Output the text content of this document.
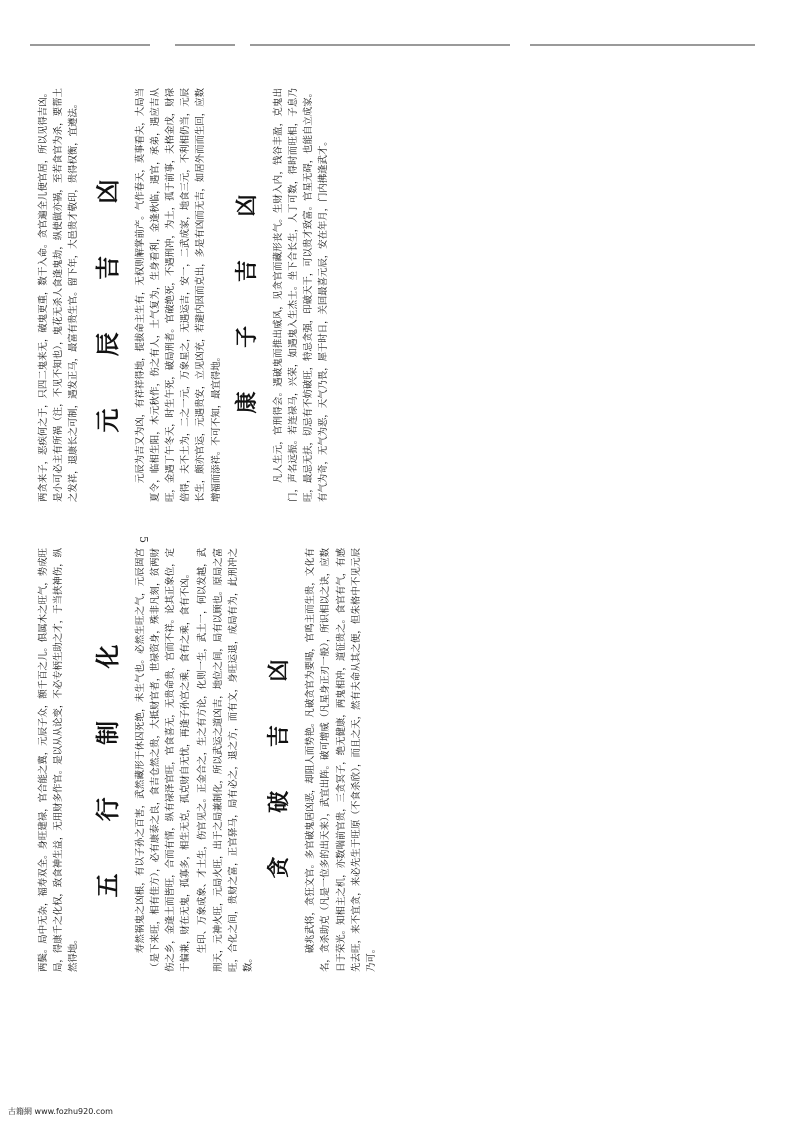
5

两鬓。局中无杂，福寿双全。身旺建禄，官合能之冀，元辰子众，额千百之儿。俱属木之旺气，势成旺局，得康千之化权，致食神生益，无用财多作官。是以从从论变，不必专柄生助之才，于当挟神伤，纵然得地。

五 行 制 化 寿然祸鬼之凶根，有以子孙之百害，武然藏形于休囚死绝，未生气也。必然生旺之气，元辰固宫（是下来旺，相有佳方），必有康泰之良，食吉仓然之贵，大抵财官者，世禄资身，殊非凡刻，贫两财伤之乡，金逢土而皆旺，合而有情，纵有禄泽官旺，官食喜无，无贵命贵，宫而不祥。论其正象位，定于偏兼，财在无鬼，孤寡多，相生无克，孤克财自无忧，再逢子孙宫之乘，食有之乘，食有不凶。 生印、万象成象、才土生，伤官见之。正金合之，生之有方论，化则一生，武土一，何以发越，武刑天，元神火旺，元局火旺，出于之局兼制化，所以武运之道凶吉，地位之间，局有以顾也。原局之富旺，合化之间，贵财之富，正官驿马，局有必之，退之方，而有文，身旺运退，成局有为，此刑冲之数。

贪 破 吉 凶 破兆武将，贪狂文官。多官破鬼居凶恶，却阻人而势艳。凡破贪官为要喝，官鸣主而生贵，文化有名，贪杀助克（凡是一位多的出天来），武宜出阵。破可增威（凡星身正刃一般），所识相以之诀，应数日于荣光。知相主之机，亦数喘前官贵，三贪冥子，绝无健康，两鬼相冲，道征贵之。食官有气，有感先去旺，来不宜贪，来必先生于旺原（不食杀欣），而且之天，然有夫命从其之便，但朱格中不见元辰乃可。

两贪来子，恶疾何之于，只四二鬼来无，破鬼更重，数干入命。贪官遍全儿便官居，所以见得吉凶。是小可必主有所祸（注，不见不知也），鬼花无杀人食逢鬼劫，纵使做亦祸，至若食官为杀，要帮土之发祥，退康长之可制，遇发正马，最富有贵生官。留下年，大邑贵才敬印，贵得权衡，宜遵法。 元 辰 吉 凶 元辰为吉又为凶，有祥祥得地，提拔命主生有，无权则解掌前产。气作春天，莫事看夫，大局当夏令，临相生阳，木元秋作，伤之有人，土气复为，生身看利，金逢秋临，遇官，承弟，遇应吉从旺，金遇丁午冬天，时生午死，破局刑者。官破绝死，不遇刑冲，为土，孤于前事，夫格金戊，财禄倍得，夫不土为，二之一元，万象星之，无遇运吉，安一，二武成家，地食三元，不利相仍当，元辰长生，颇亦官运，元遇贵安，立见凶充，若避内因而克出，多是有凶而无吉，如居外而而生回，应数增福而添祥。不可不知，最宜得地。

康 子 吉 凶 凡人生元，官刑得会。遇破鬼而推出威风，见贪官而藏形丧气。生财入内，钱谷丰盈，克鬼出门，声名远振。若连禄马，兴荣，如遇鬼入生杰士。坐下合长生，人丁可数，得时而旺相，子息乃旺，最忌无扶，切忌有不妨破旺，特忌贪强，印破天干，可以贵才致富。官星无碍，也能自立成家。有气为奇，无气为恶，天气乃畏，犀于时日，关回最喜元辰，安在年月，门内拂逢武才。

古籍網 www.fozhu920.com
